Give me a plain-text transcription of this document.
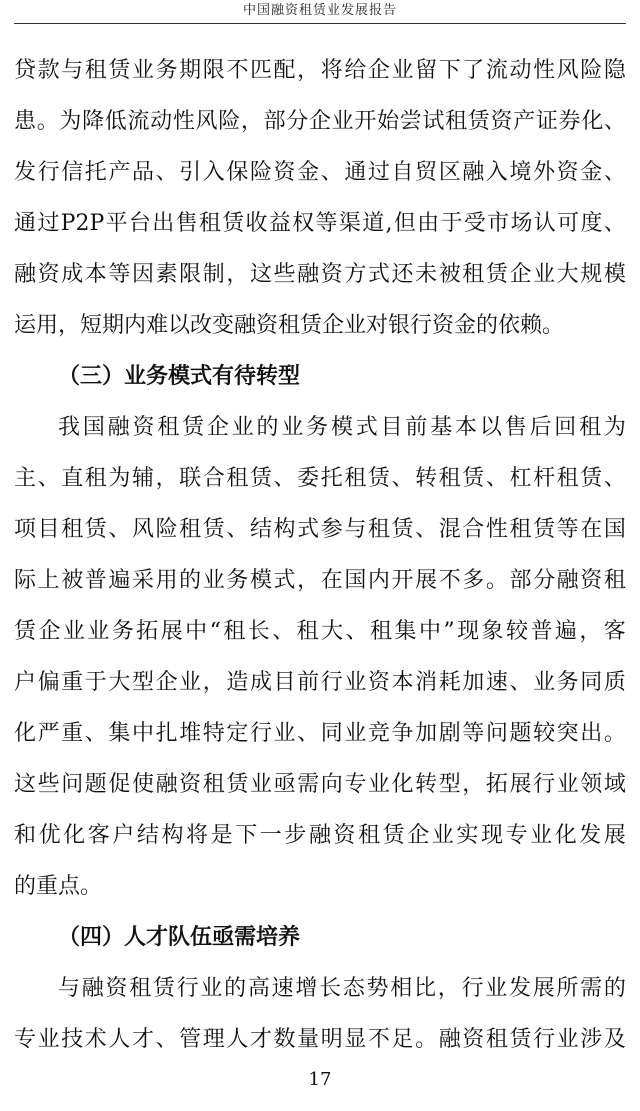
中国融资租赁业发展报告
贷 款 与 租 赁 业 务 期 限 不 匹 配 ， 将 给 企 业 留 下 了 流 动 性 风 险 隐
患 。 为 降 低 流 动 性 风 险 ， 部 分 企 业 开 始 尝 试 租 赁 资 产 证 券 化 、
发 行 信 托 产 品 、 引 入 保 险 资 金 、 通 过 自 贸 区 融 入 境 外 资 金 、
通 过 P2P 平 台 出 售 租 赁 收 益 权 等 渠 道 , 但 由 于 受 市 场 认 可 度 、
融 资 成 本 等 因 素 限 制 ， 这 些 融 资 方 式 还 未 被 租 赁 企 业 大 规 模
运用，短期内难以改变融资租赁企业对银行资金的依赖。
（三）业务模式有待转型
我 国 融 资 租 赁 企 业 的 业 务 模 式 目 前 基 本 以 售 后 回 租 为
主 、 直 租 为 辅 ， 联 合 租 赁 、 委 托 租 赁 、 转 租 赁 、 杠 杆 租 赁 、
项 目 租 赁 、 风 险 租 赁 、 结 构 式 参 与 租 赁 、 混 合 性 租 赁 等 在 国
际 上 被 普 遍 采 用 的 业 务 模 式 ， 在 国 内 开 展 不 多 。 部 分 融 资 租
赁 企 业 业 务 拓 展 中 “ 租 长 、 租 大 、 租 集 中 ” 现 象 较 普 遍 ， 客
户 偏 重 于 大 型 企 业 ， 造 成 目 前 行 业 资 本 消 耗 加 速 、 业 务 同 质
化 严 重 、 集 中 扎 堆 特 定 行 业 、 同 业 竞 争 加 剧 等 问 题 较 突 出 。
这 些 问 题 促 使 融 资 租 赁 业 亟 需 向 专 业 化 转 型 ， 拓 展 行 业 领 域
和 优 化 客 户 结 构 将 是 下 一 步 融 资 租 赁 企 业 实 现 专 业 化 发 展
的重点。
（四）人才队伍亟需培养
与 融 资 租 赁 行 业 的 高 速 增 长 态 势 相 比 ， 行 业 发 展 所 需 的
专 业 技 术 人 才 、 管 理 人 才 数 量 明 显 不 足 。 融 资 租 赁 行 业 涉 及
17
